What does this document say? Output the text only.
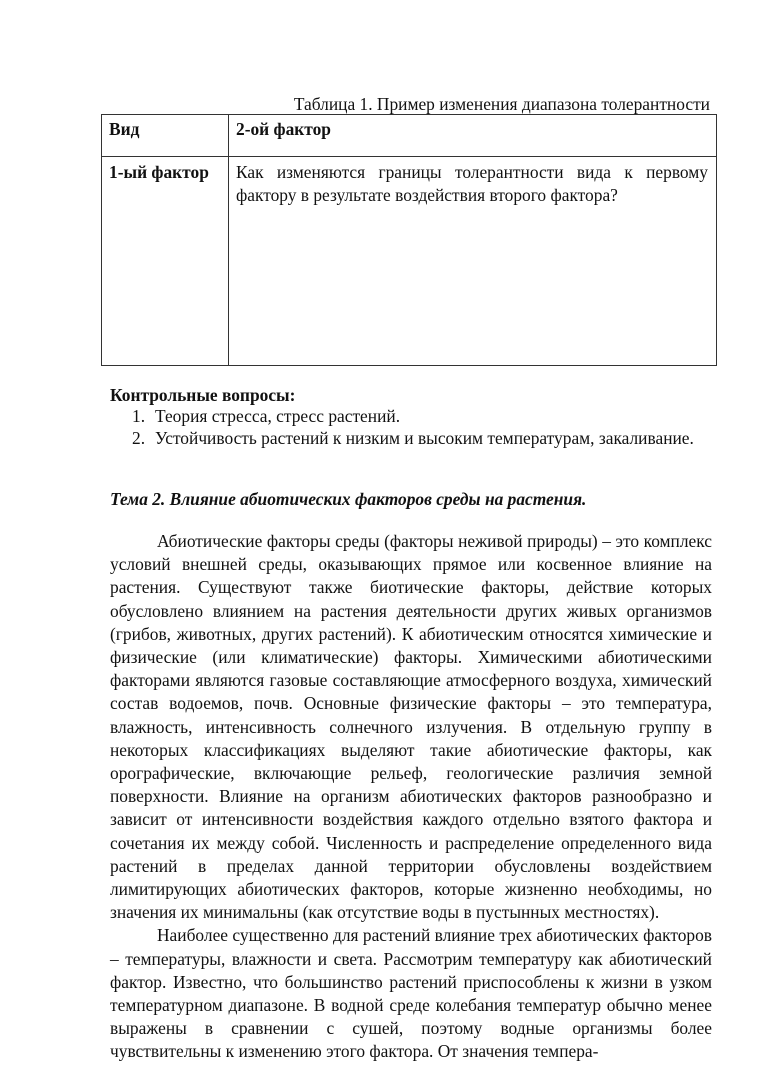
Таблица 1. Пример изменения диапазона толерантности
Вид	2-ой фактор
1-ый фактор	Как изменяются границы толерантности вида к первому фактору в результате воздействия второго фактора?
Контрольные вопросы:
1. Теория стресса, стресс растений.
2. Устойчивость растений к низким и высоким температурам, закаливание.
Тема 2. Влияние абиотических факторов среды на растения.

Абиотические факторы среды (факторы неживой природы) – это комплекс условий внешней среды, оказывающих прямое или косвенное влияние на растения. Существуют также биотические факторы, действие которых обусловлено влиянием на растения деятельности других живых организмов (грибов, животных, других растений). К абиотическим относятся химические и физические (или климатические) факторы. Химическими абиотическими факторами являются газовые составляющие атмосферного воздуха, химический состав водоемов, почв. Основные физические факторы – это температура, влажность, интенсивность солнечного излучения. В отдельную группу в некоторых классификациях выделяют такие абиотические факторы, как орографические, включающие рельеф, геологические различия земной поверхности. Влияние на организм абиотических факторов разнообразно и зависит от интенсивности воздействия каждого отдельно взятого фактора и сочетания их между собой. Численность и распределение определенного вида растений в пределах данной территории обусловлены воздействием лимитирующих абиотических факторов, которые жизненно необходимы, но значения их минимальны (как отсутствие воды в пустынных местностях).

Наиболее существенно для растений влияние трех абиотических факторов – температуры, влажности и света. Рассмотрим температуру как абиотический фактор. Известно, что большинство растений приспособлены к жизни в узком температурном диапазоне. В водной среде колебания температур обычно менее выражены в сравнении с сушей, поэтому водные организмы более чувствительны к изменению этого фактора. От значения темпера-
